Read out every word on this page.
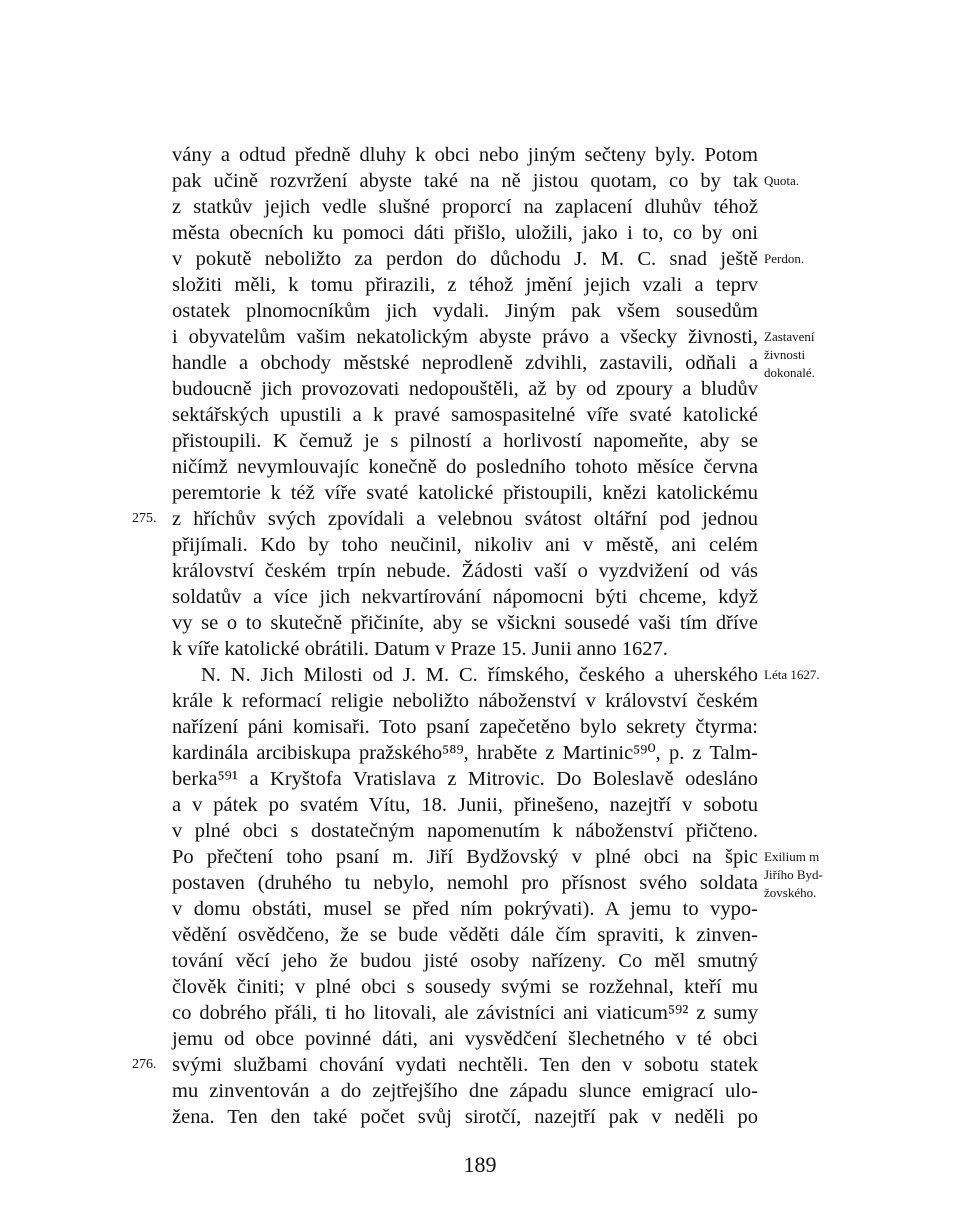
vány a odtud předně dluhy k obci nebo jiným sečteny byly. Potom
pak učině rozvržení abyste také na ně jistou quotam, co by tak
z statkův jejich vedle slušné proporcí na zaplacení dluhův téhož
města obecních ku pomoci dáti přišlo, uložili, jako i to, co by oni
v pokutě neboližto za perdon do důchodu J. M. C. snad ještě
složiti měli, k tomu přirazili, z téhož jmění jejich vzali a teprv
ostatek plnomocníkům jich vydali. Jiným pak všem sousedům
i obyvatelům vašim nekatolickým abyste právo a všecky živnosti,
handle a obchody městské neprodleně zdvihli, zastavili, odňali a
budoucně jich provozovati nedopouštěli, až by od zpoury a bludův
sektářských upustili a k pravé samospasitelné víře svaté katolické
přistoupili. K čemuž je s pilností a horlivostí napomeňte, aby se
ničímž nevymlouvajíc konečně do posledního tohoto měsíce června
peremtorie k též víře svaté katolické přistoupili, knězi katolickému
z hříchův svých zpovídali a velebnou svátost oltářní pod jednou
přijímali. Kdo by toho neučinil, nikoliv ani v městě, ani celém
království českém trpín nebude. Žádosti vaší o vyzdvižení od vás
soldatův a více jich nekvartírování nápomocni býti chceme, když
vy se o to skutečně přičiníte, aby se všickni sousedé vaši tím dříve
k víře katolické obrátili. Datum v Praze 15. Junii anno 1627.
N. N. Jich Milosti od J. M. C. římského, českého a uherského
krále k reformací religie neboližto náboženství v království českém
nařízení páni komisaři. Toto psaní zapečetěno bylo sekrety čtyrma:
kardinála arcibiskupa pražského⁵⁸⁹, hraběte z Martinic⁵⁹⁰, p. z Talm-
berka⁵⁹¹ a Kryštofa Vratislava z Mitrovic. Do Boleslavě odesláno
a v pátek po svatém Vítu, 18. Junii, přinešeno, nazejtří v sobotu
v plné obci s dostatečným napomenutím k náboženství přičteno.
Po přečtení toho psaní m. Jiří Bydžovský v plné obci na špic
postaven (druhého tu nebylo, nemohl pro přísnost svého soldata
v domu obstáti, musel se před ním pokrývati). A jemu to vypo-
vědění osvědčeno, že se bude věděti dále čím spraviti, k zinven-
tování věcí jeho že budou jisté osoby nařízeny. Co měl smutný
člověk činiti; v plné obci s sousedy svými se rozžehnal, kteří mu
co dobrého přáli, ti ho litovali, ale závistníci ani viaticum⁵⁹² z sumy
jemu od obce povinné dáti, ani vysvědčení šlechetného v té obci
svými službami chování vydati nechtěli. Ten den v sobotu statek
mu zinventován a do zejtřejšího dne západu slunce emigrací ulo-
žena. Ten den také počet svůj sirotčí, nazejtří pak v neděli po
Quota.
Perdon.
Zastavení
živnosti
dokonalé.
Léta 1627.
Exilium m
Jiřího Byd-
žovského.
275.
276.
189
